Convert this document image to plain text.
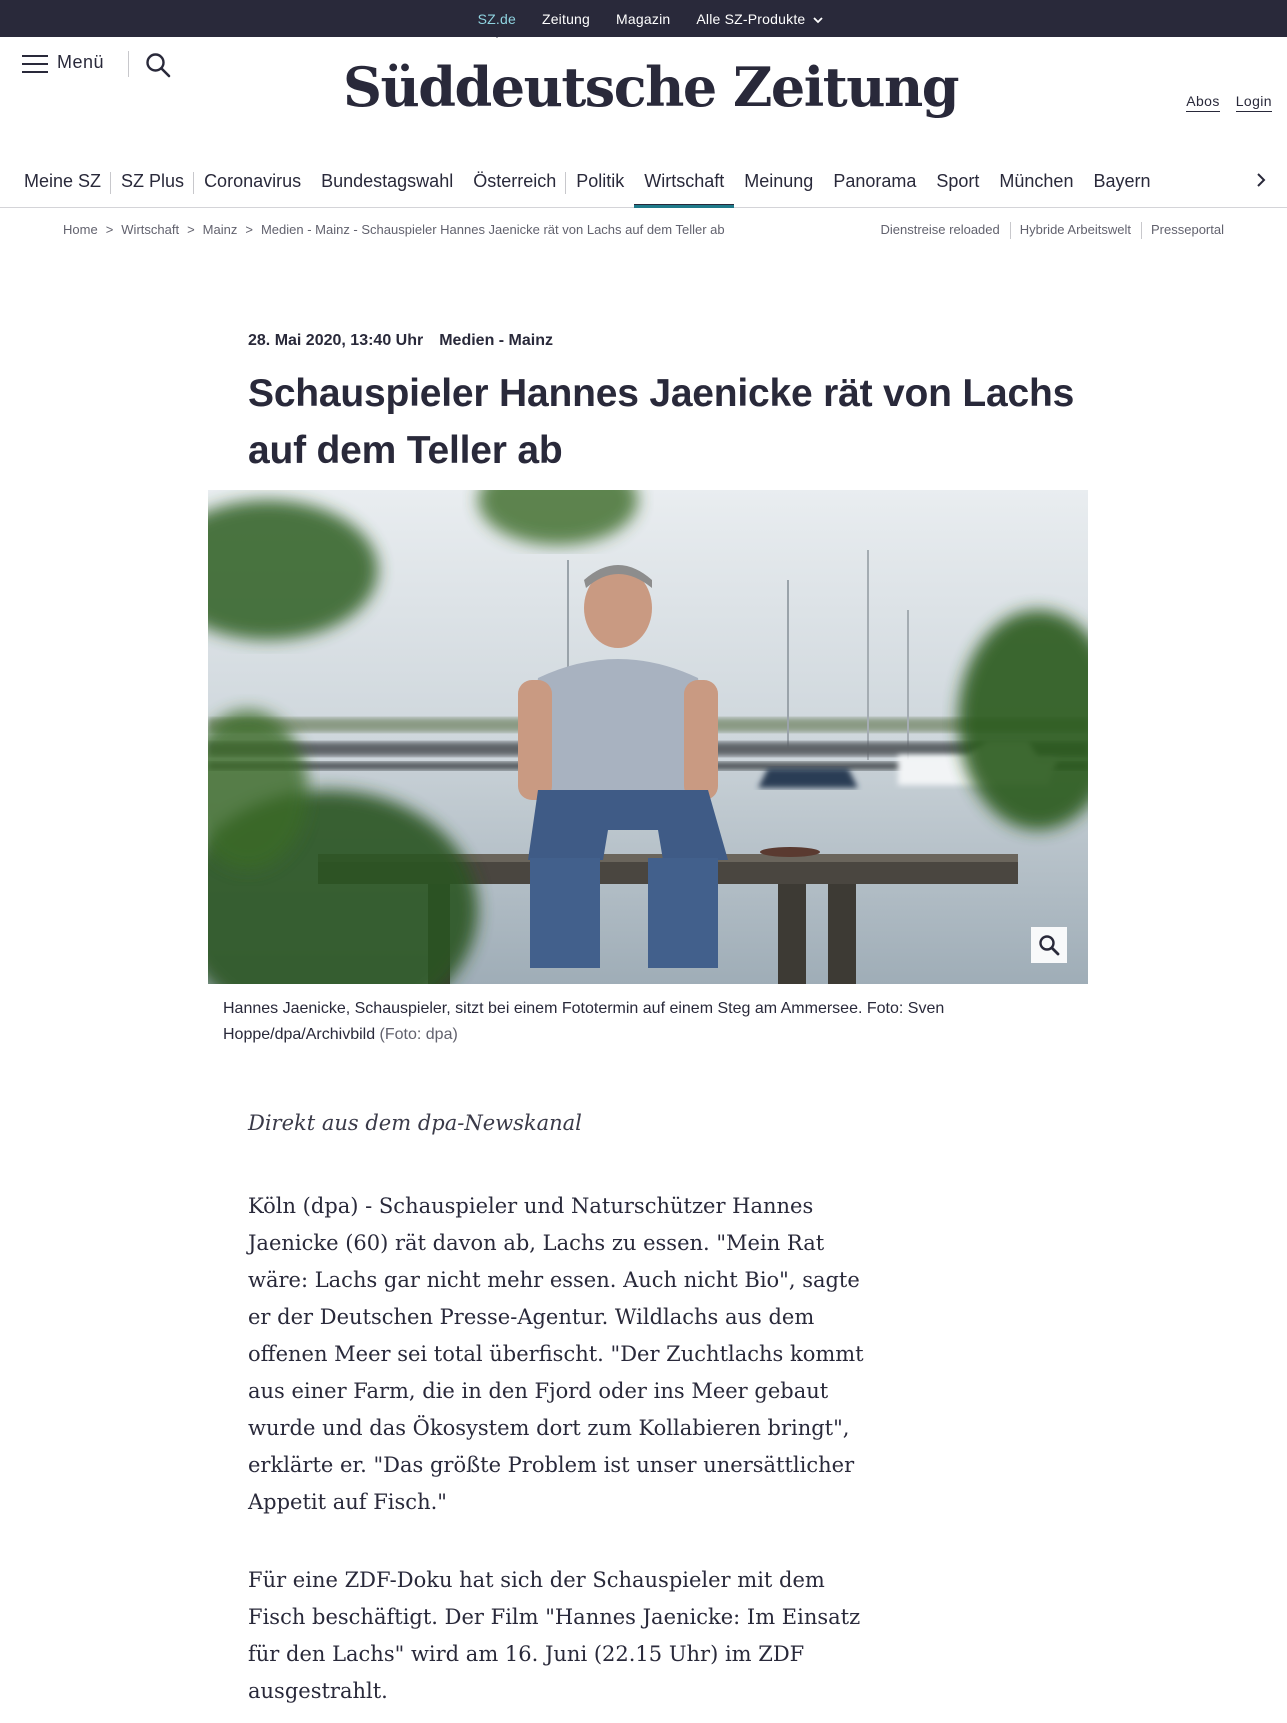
SZ.de Zeitung Magazin Alle SZ-Produkte
Menü	Süddeutsche Zeitung	Abos Login
Meine SZ	SZ Plus	Coronavirus	Bundestagswahl	Österreich	Politik	Wirtschaft	Meinung	Panorama	Sport	München	Bayern
Home > Wirtschaft > Mainz > Medien - Mainz - Schauspieler Hannes Jaenicke rät von Lachs auf dem Teller ab	Dienstreise reloaded	Hybride Arbeitswelt	Presseportal
28. Mai 2020, 13:40 Uhr Medien - Mainz
Schauspieler Hannes Jaenicke rät von Lachs auf dem Teller ab
Hannes Jaenicke, Schauspieler, sitzt bei einem Fototermin auf einem Steg am Ammersee. Foto: Sven Hoppe/dpa/Archivbild (Foto: dpa)

Direkt aus dem dpa-Newskanal

Köln (dpa) - Schauspieler und Naturschützer Hannes Jaenicke (60) rät davon ab, Lachs zu essen. "Mein Rat wäre: Lachs gar nicht mehr essen. Auch nicht Bio", sagte er der Deutschen Presse-Agentur. Wildlachs aus dem offenen Meer sei total überfischt. "Der Zuchtlachs kommt aus einer Farm, die in den Fjord oder ins Meer gebaut wurde und das Ökosystem dort zum Kollabieren bringt", erklärte er. "Das größte Problem ist unser unersättlicher Appetit auf Fisch."

Für eine ZDF-Doku hat sich der Schauspieler mit dem Fisch beschäftigt. Der Film "Hannes Jaenicke: Im Einsatz für den Lachs" wird am 16. Juni (22.15 Uhr) im ZDF ausgestrahlt.
